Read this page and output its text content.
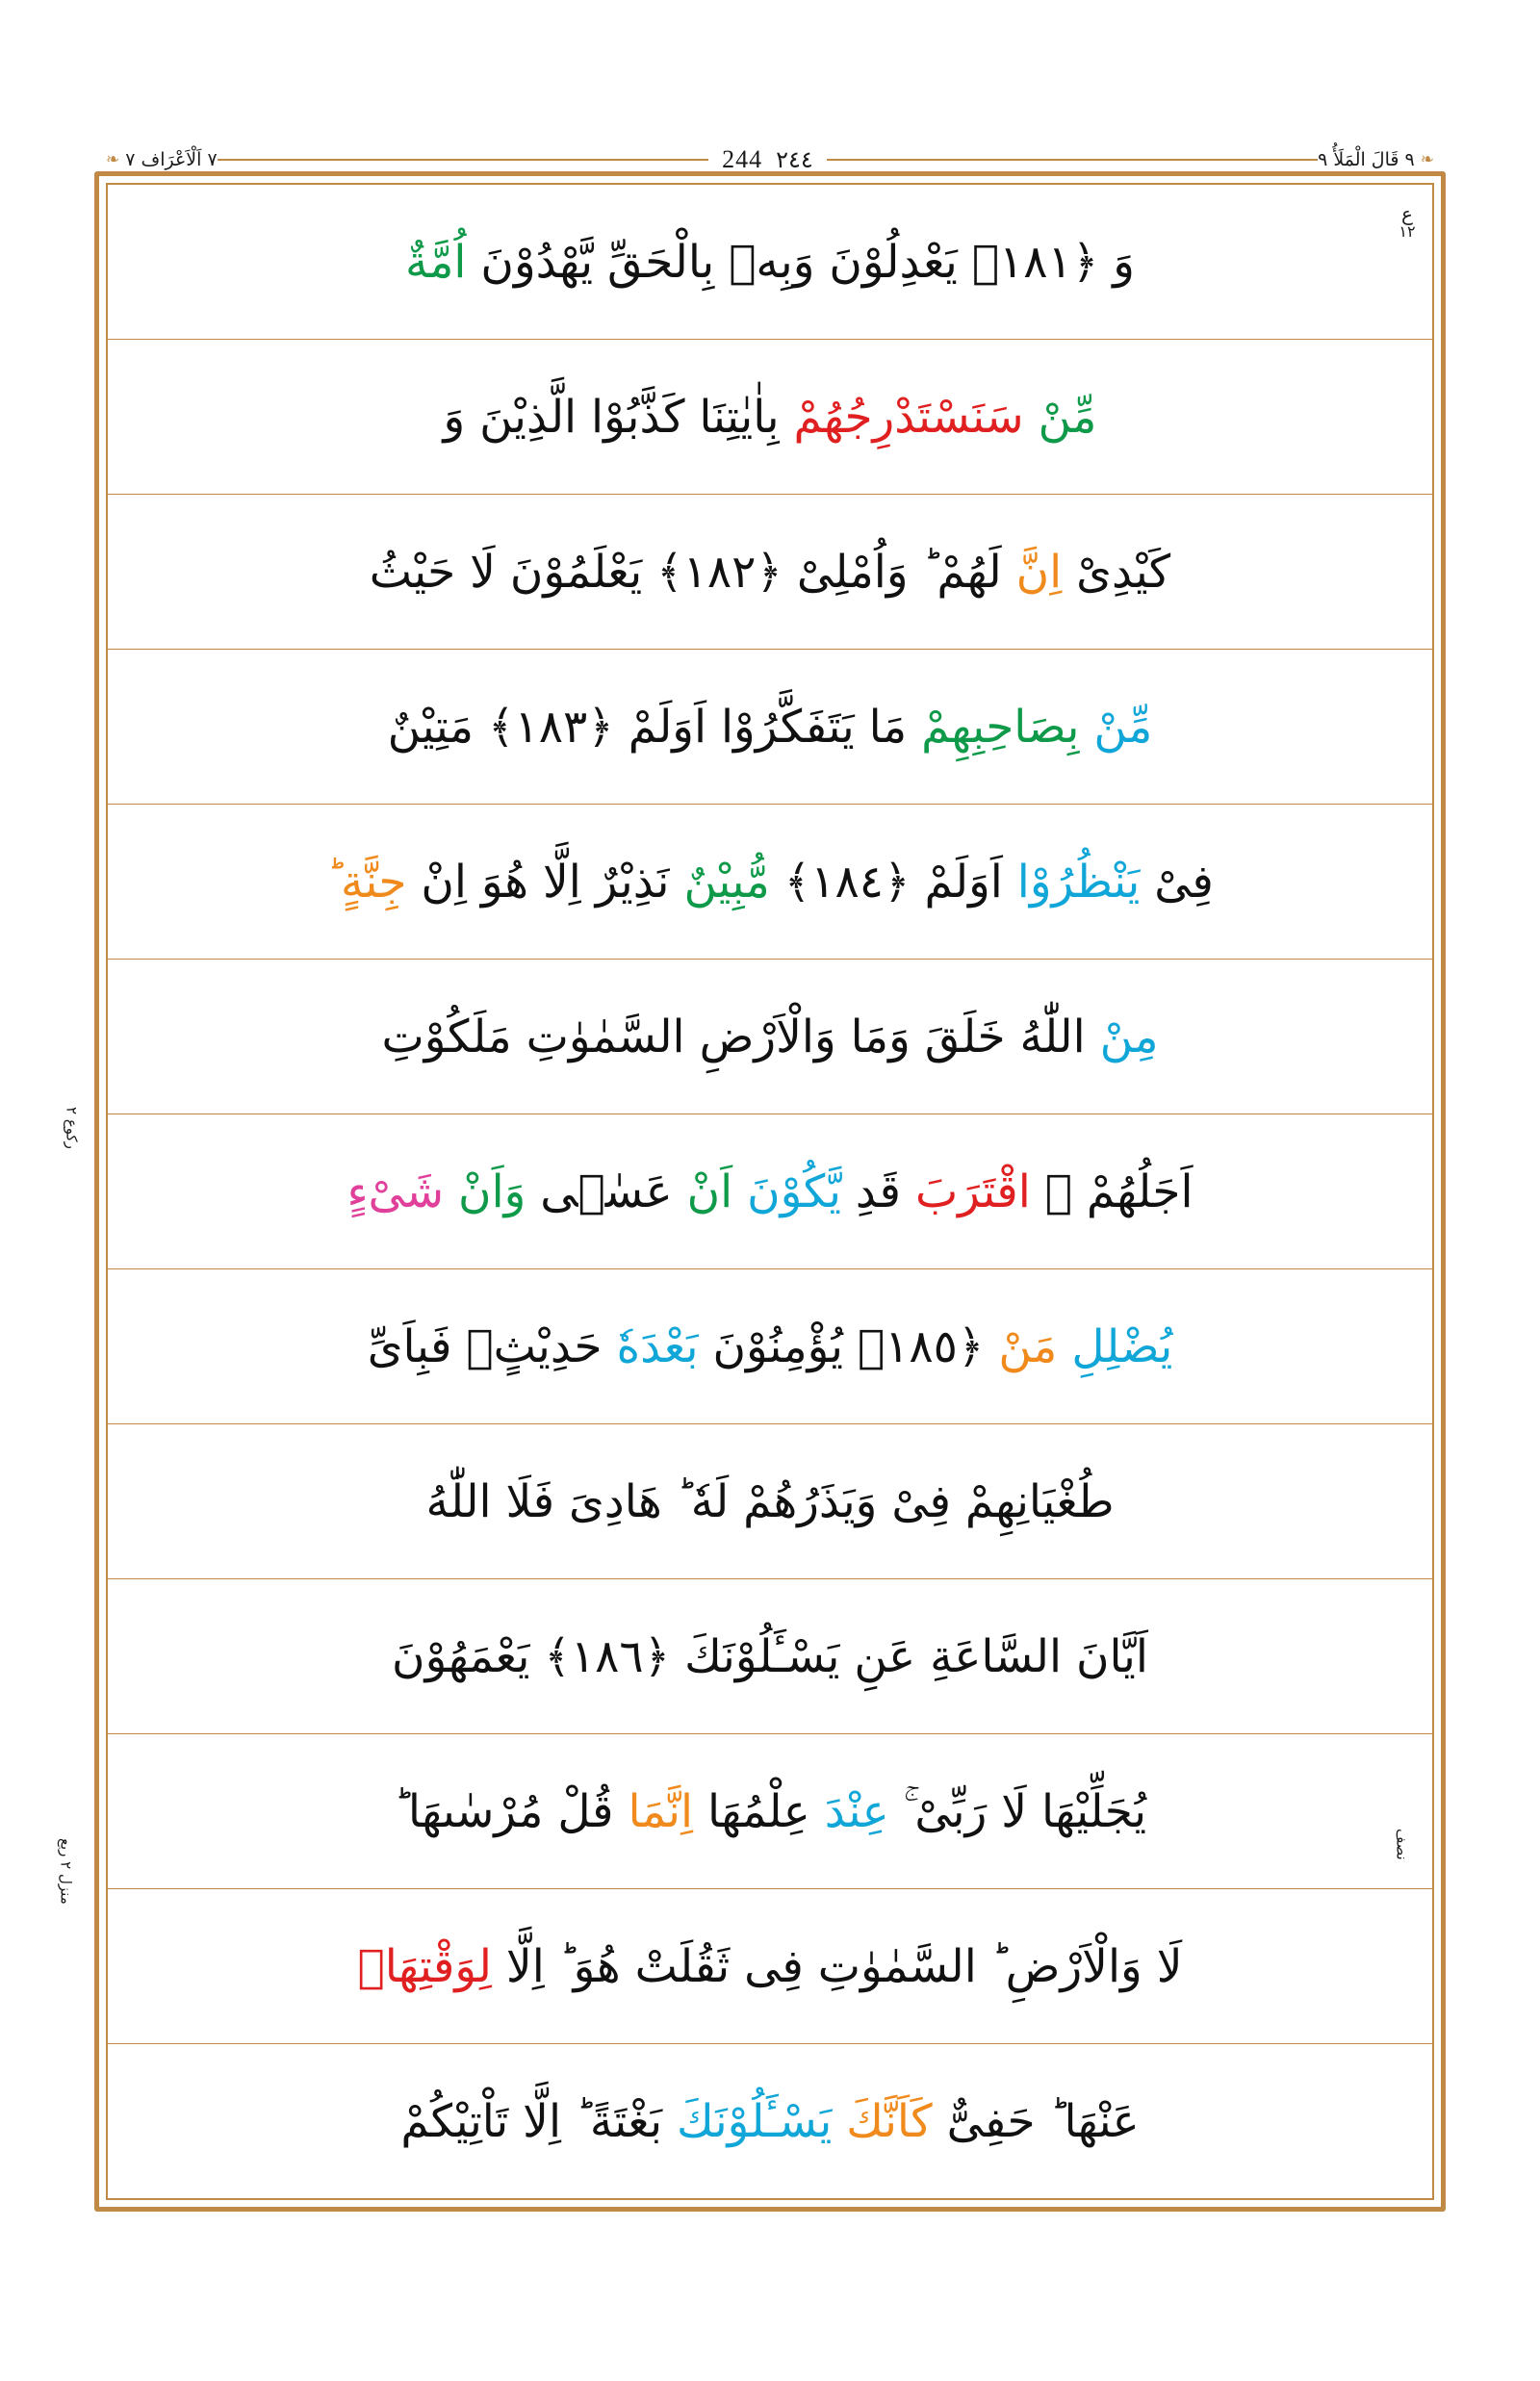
❧
٩ قَالَ الْمَلَأُ ٩
٢٤٤
244
٧ اَلْاَعْرَاف ٧
❧
ع
١٢
رکوع ٢
منزل ٢ ربع
نصف
وَ ﴿١٨١﴾ يَعْدِلُوْنَ وَبِهٖ بِالْحَقِّ يَّهْدُوْنَ اُمَّةٌ
مِّنْ سَنَسْتَدْرِجُهُمْ بِاٰيٰتِنَا كَذَّبُوْا الَّذِيْنَ وَ
كَيْدِىْ اِنَّ لَهُمْ ؕ وَاُمْلِىْ ﴿١٨٢﴾ يَعْلَمُوْنَ لَا حَيْثُ
مِّنْ بِصَاحِبِهِمْ مَا يَتَفَكَّرُوْا اَوَلَمْ ﴿١٨٣﴾ مَتِيْنٌ
فِىْ يَنْظُرُوْا اَوَلَمْ ﴿١٨٤﴾ مُّبِيْنٌ نَذِيْرٌ اِلَّا هُوَ اِنْ جِنَّةٍ ؕ
مِنْ اللّٰهُ خَلَقَ وَمَا وَالْاَرْضِ السَّمٰوٰتِ مَلَكُوْتِ
اَجَلُهُمْ ۚ اقْتَرَبَ قَدِ يَّكُوْنَ اَنْ عَسٰۤى وَاَنْ شَىْءٍ
يُضْلِلِ مَنْ ﴿١٨٥﴾ يُؤْمِنُوْنَ بَعْدَهٗ حَدِيْثٍۭ فَبِاَىِّ
طُغْيَانِهِمْ فِىْ وَيَذَرُهُمْ لَهٗ ؕ هَادِىَ فَلَا اللّٰهُ
اَيَّانَ السَّاعَةِ عَنِ يَسْـَٔلُوْنَكَ ﴿١٨٦﴾ يَعْمَهُوْنَ
يُجَلِّيْهَا لَا رَبِّىْ ۚ عِنْدَ عِلْمُهَا اِنَّمَا قُلْ مُرْسٰىهَا ؕ
لَا وَالْاَرْضِ ؕ السَّمٰوٰتِ فِى ثَقُلَتْ هُوَ ؕ اِلَّا لِوَقْتِهَاۤ
عَنْهَا ؕ حَفِىٌّ كَاَنَّكَ يَسْـَٔلُوْنَكَ بَغْتَةً ؕ اِلَّا تَاْتِيْكُمْ
